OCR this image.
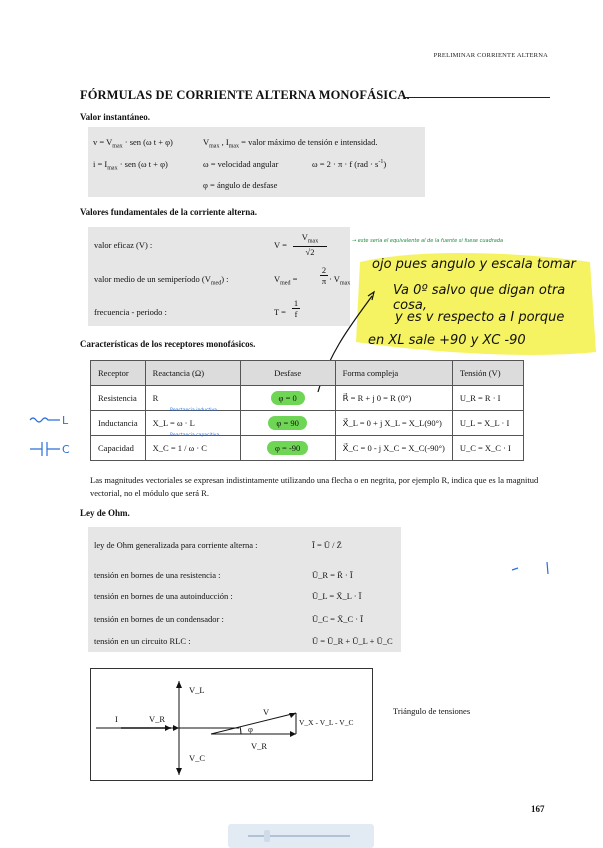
PRELIMINAR CORRIENTE ALTERNA
FÓRMULAS DE CORRIENTE ALTERNA MONOFÁSICA.
Valor instantáneo.
$v = V_{max}$ · sen (ω t + φ)	$V_{max}$ , $I_{max}$ = valor máximo de tensión e intensidad.
$i = I_{max}$ · sen (ω t + φ)	ω = velocidad angular	ω = 2 · π · f $(rad \cdot s^{-1})$
φ = ángulo de desfase
Valores fundamentales de la corriente alterna.
valor eficaz (V) :	V =
$V_{max}$
√2
valor medio de un semiperíodo $(V_{med})$ :	$V_{med}$ =
2
$\pi \cdot V_{max}$
frecuencia - periodo :	T =
1
f
→ este seria el equivalente al de la fuente si fuese cuadrada
ojo pues angulo y escala tomar
Va 0º salvo que digan otra cosa,
y es v respecto a I porque
en XL sale +90 y XC -90
Características de los receptores monofásicos.
Receptor	Reactancia (Ω)	Desfase	Forma compleja	Tensión (V)
Resistencia	R	φ = 0	R⃗ = R + j 0 = R (0°)	U_R = R · I
Inductancia	X_L = ω · L	φ = 90	X⃗_L = 0 + j X_L = X_L(90°)	U_L = X_L · I
Capacidad	X_C = 1 / ω · C	φ = -90	X⃗_C = 0 - j X_C = X_C(-90°)	U_C = X_C · I
Reactancia inductiva
Reactancia capacitiva
L
C
Las magnitudes vectoriales se expresan indistintamente utilizando una flecha o en negrita, por ejemplo R, indica que es la magnitud vectorial, no el módulo que será R.
Ley de Ohm.
ley de Ohm generalizada para corriente alterna :	Ī = Ū / Z̄
tensión en bornes de una resistencia :	Ū_R = R̄ · Ī
tensión en bornes de una autoinducción :	Ū_L = X̄_L · Ī
tensión en bornes de un condensador :	Ū_C = X̄_C · Ī
tensión en un circuito RLC :	Ū = Ū_R + Ū_L + Ū_C
I	V_R
V_L
V_C
V
φ
V_R
V_X - V_L - V_C
Triángulo de tensiones
167
